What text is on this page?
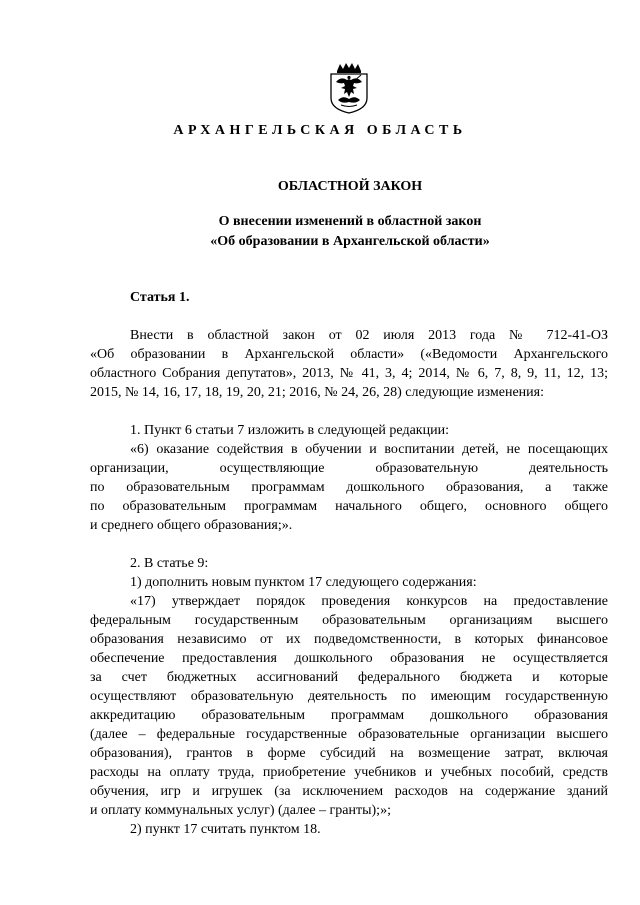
АРХАНГЕЛЬСКАЯ ОБЛАСТЬ
ОБЛАСТНОЙ ЗАКОН
О внесении изменений в областной закон
«Об образовании в Архангельской области»
Статья 1.

Внести в областной закон от 02 июля 2013 года № 712-41-ОЗ

«Об образовании в Архангельской области» («Ведомости Архангельского

областного Собрания депутатов», 2013, № 41, 3, 4; 2014, № 6, 7, 8, 9, 11, 12, 13;

2015, № 14, 16, 17, 18, 19, 20, 21; 2016, № 24, 26, 28) следующие изменения:

1. Пункт 6 статьи 7 изложить в следующей редакции:

«6) оказание содействия в обучении и воспитании детей, не посещающих

организации, осуществляющие образовательную деятельность

по образовательным программам дошкольного образования, а также

по образовательным программам начального общего, основного общего

и среднего общего образования;».

2. В статье 9:

1) дополнить новым пунктом 17 следующего содержания:

«17) утверждает порядок проведения конкурсов на предоставление

федеральным государственным образовательным организациям высшего

образования независимо от их подведомственности, в которых финансовое

обеспечение предоставления дошкольного образования не осуществляется

за счет бюджетных ассигнований федерального бюджета и которые

осуществляют образовательную деятельность по имеющим государственную

аккредитацию образовательным программам дошкольного образования

(далее – федеральные государственные образовательные организации высшего

образования), грантов в форме субсидий на возмещение затрат, включая

расходы на оплату труда, приобретение учебников и учебных пособий, средств

обучения, игр и игрушек (за исключением расходов на содержание зданий

и оплату коммунальных услуг) (далее – гранты);»;

2) пункт 17 считать пунктом 18.
